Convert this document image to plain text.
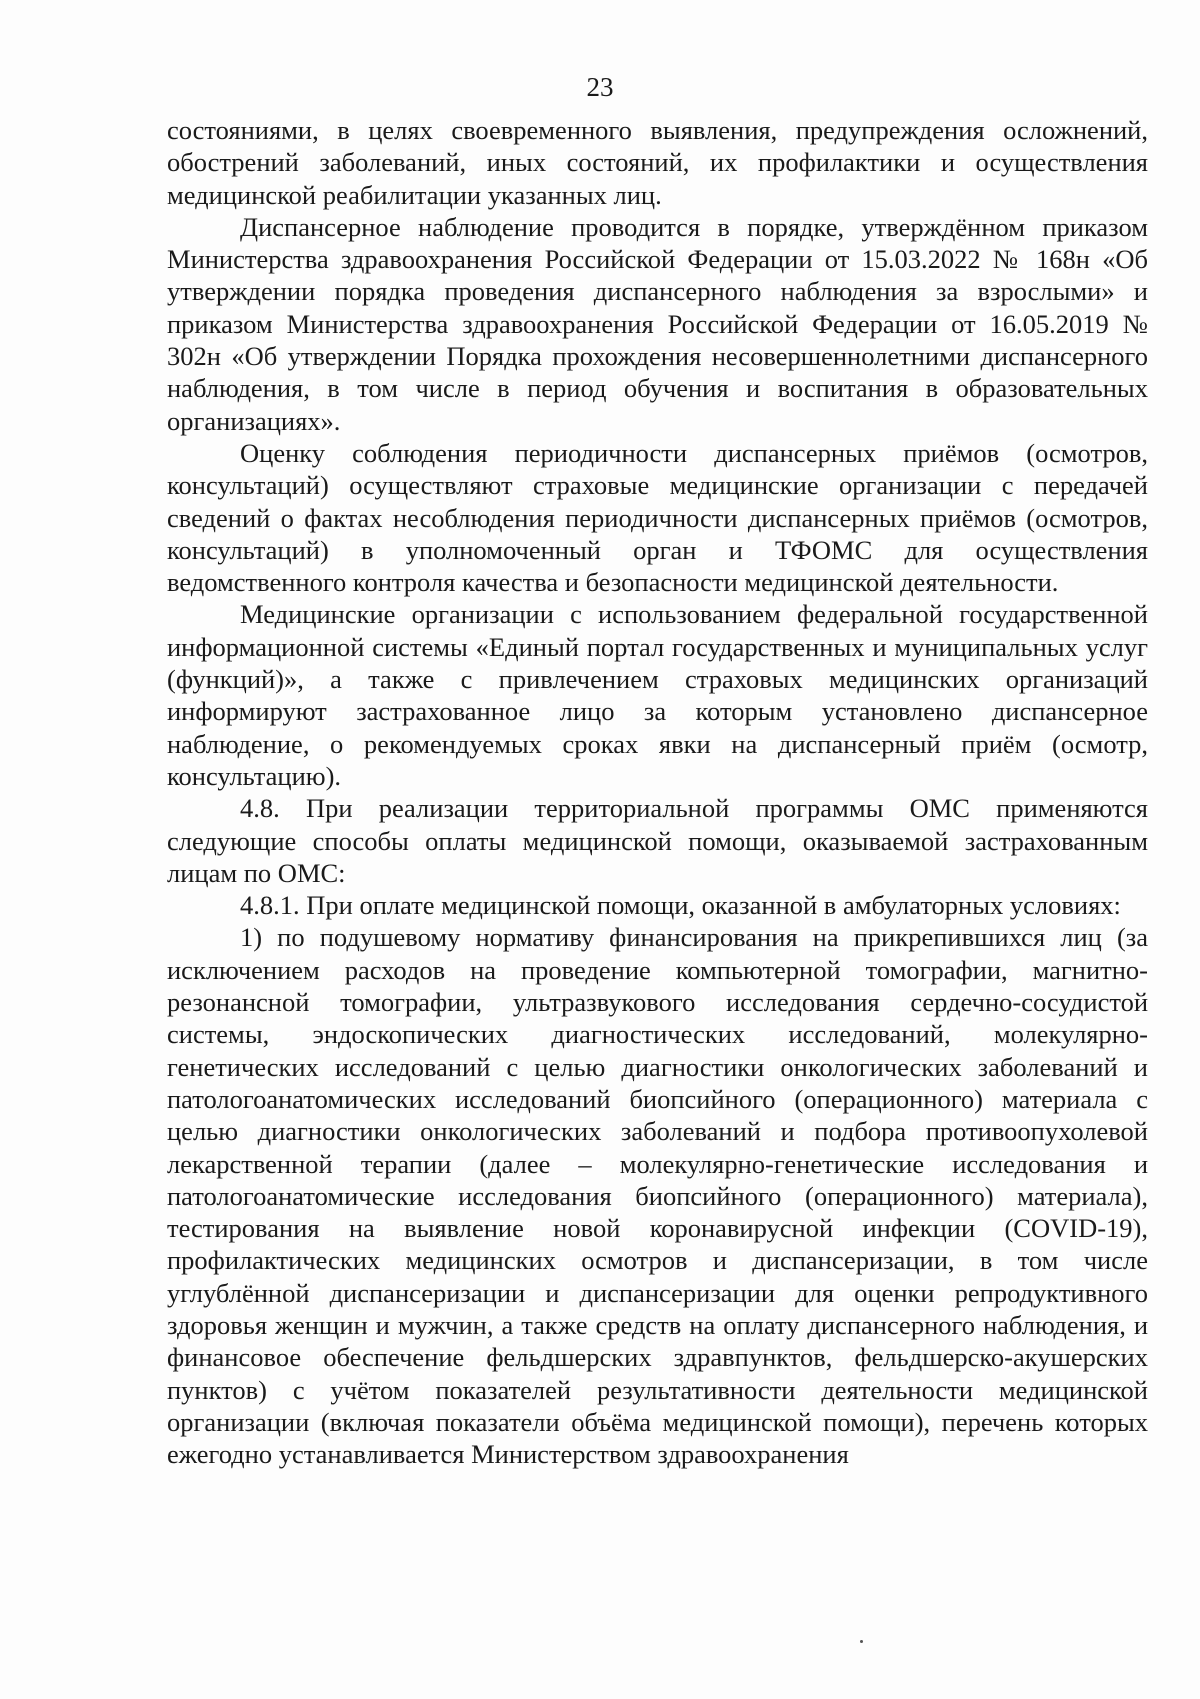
23

состояниями, в целях своевременного выявления, предупреждения осложнений, обострений заболеваний, иных состояний, их профилактики и осуществления медицинской реабилитации указанных лиц.

Диспансерное наблюдение проводится в порядке, утверждённом приказом Министерства здравоохранения Российской Федерации от 15.03.2022 № 168н «Об утверждении порядка проведения диспансерного наблюдения за взрослыми» и приказом Министерства здравоохранения Российской Федерации от 16.05.2019 № 302н «Об утверждении Порядка прохождения несовершеннолетними диспансерного наблюдения, в том числе в период обучения и воспитания в образовательных организациях».

Оценку соблюдения периодичности диспансерных приёмов (осмотров, консультаций) осуществляют страховые медицинские организации с передачей сведений о фактах несоблюдения периодичности диспансерных приёмов (осмотров, консультаций) в уполномоченный орган и ТФОМС для осуществления ведомственного контроля качества и безопасности медицинской деятельности.

Медицинские организации с использованием федеральной государственной информационной системы «Единый портал государственных и муниципальных услуг (функций)», а также с привлечением страховых медицинских организаций информируют застрахованное лицо за которым установлено диспансерное наблюдение, о рекомендуемых сроках явки на диспансерный приём (осмотр, консультацию).

4.8. При реализации территориальной программы ОМС применяются следующие способы оплаты медицинской помощи, оказываемой застрахованным лицам по ОМС:

4.8.1. При оплате медицинской помощи, оказанной в амбулаторных условиях:

1) по подушевому нормативу финансирования на прикрепившихся лиц (за исключением расходов на проведение компьютерной томографии, магнитно-резонансной томографии, ультразвукового исследования сердечно-сосудистой системы, эндоскопических диагностических исследований, молекулярно-генетических исследований с целью диагностики онкологических заболеваний и патологоанатомических исследований биопсийного (операционного) материала с целью диагностики онкологических заболеваний и подбора противоопухолевой лекарственной терапии (далее – молекулярно-генетические исследования и патологоанатомические исследования биопсийного (операционного) материала), тестирования на выявление новой коронавирусной инфекции (COVID-19), профилактических медицинских осмотров и диспансеризации, в том числе углублённой диспансеризации и диспансеризации для оценки репродуктивного здоровья женщин и мужчин, а также средств на оплату диспансерного наблюдения, и финансовое обеспечение фельдшерских здравпунктов, фельдшерско-акушерских пунктов) с учётом показателей результативности деятельности медицинской организации (включая показатели объёма медицинской помощи), перечень которых ежегодно устанавливается Министерством здравоохранения
